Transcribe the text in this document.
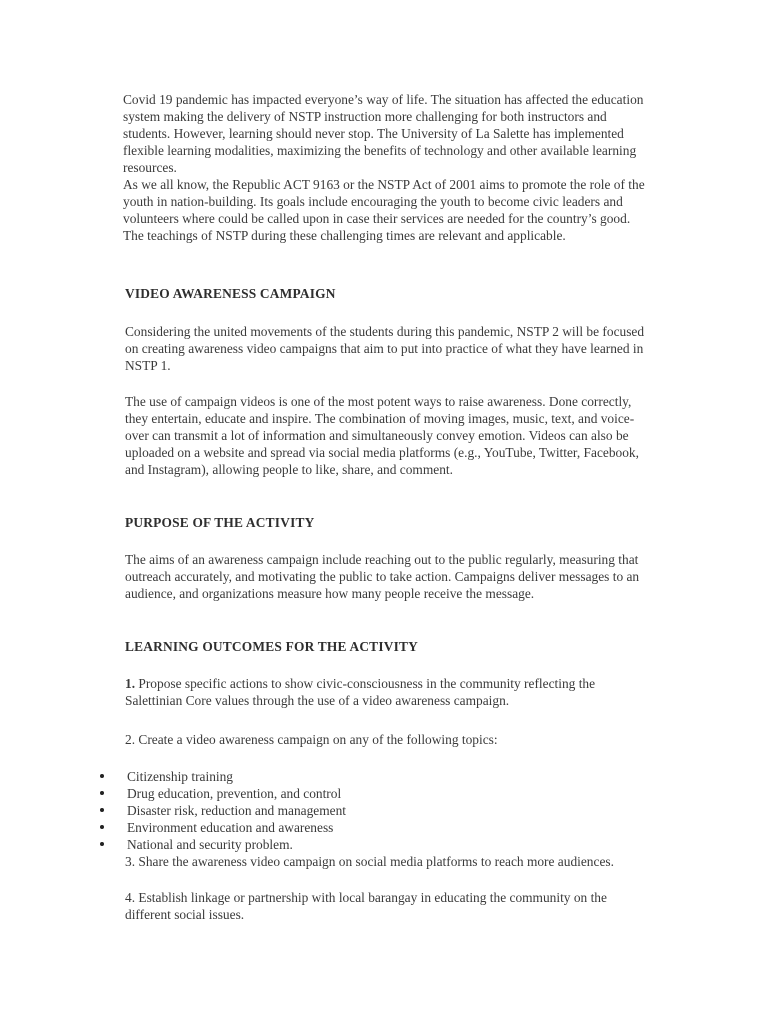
Covid 19 pandemic has impacted everyone’s way of life. The situation has affected the education system making the delivery of NSTP instruction more challenging for both instructors and students. However, learning should never stop. The University of La Salette has implemented flexible learning modalities, maximizing the benefits of technology and other available learning resources.

As we all know, the Republic ACT 9163 or the NSTP Act of 2001 aims to promote the role of the youth in nation-building. Its goals include encouraging the youth to become civic leaders and volunteers where could be called upon in case their services are needed for the country’s good. The teachings of NSTP during these challenging times are relevant and applicable.

VIDEO AWARENESS CAMPAIGN

Considering the united movements of the students during this pandemic, NSTP 2 will be focused on creating awareness video campaigns that aim to put into practice of what they have learned in NSTP 1.

The use of campaign videos is one of the most potent ways to raise awareness. Done correctly, they entertain, educate and inspire. The combination of moving images, music, text, and voice-over can transmit a lot of information and simultaneously convey emotion. Videos can also be uploaded on a website and spread via social media platforms (e.g., YouTube, Twitter, Facebook, and Instagram), allowing people to like, share, and comment.

PURPOSE OF THE ACTIVITY

The aims of an awareness campaign include reaching out to the public regularly, measuring that outreach accurately, and motivating the public to take action. Campaigns deliver messages to an audience, and organizations measure how many people receive the message.

LEARNING OUTCOMES FOR THE ACTIVITY

1. Propose specific actions to show civic-consciousness in the community reflecting the Salettinian Core values through the use of a video awareness campaign.

2. Create a video awareness campaign on any of the following topics:

Citizenship training
Drug education, prevention, and control
Disaster risk, reduction and management
Environment education and awareness
National and security problem.

3. Share the awareness video campaign on social media platforms to reach more audiences.

4. Establish linkage or partnership with local barangay in educating the community on the different social issues.
